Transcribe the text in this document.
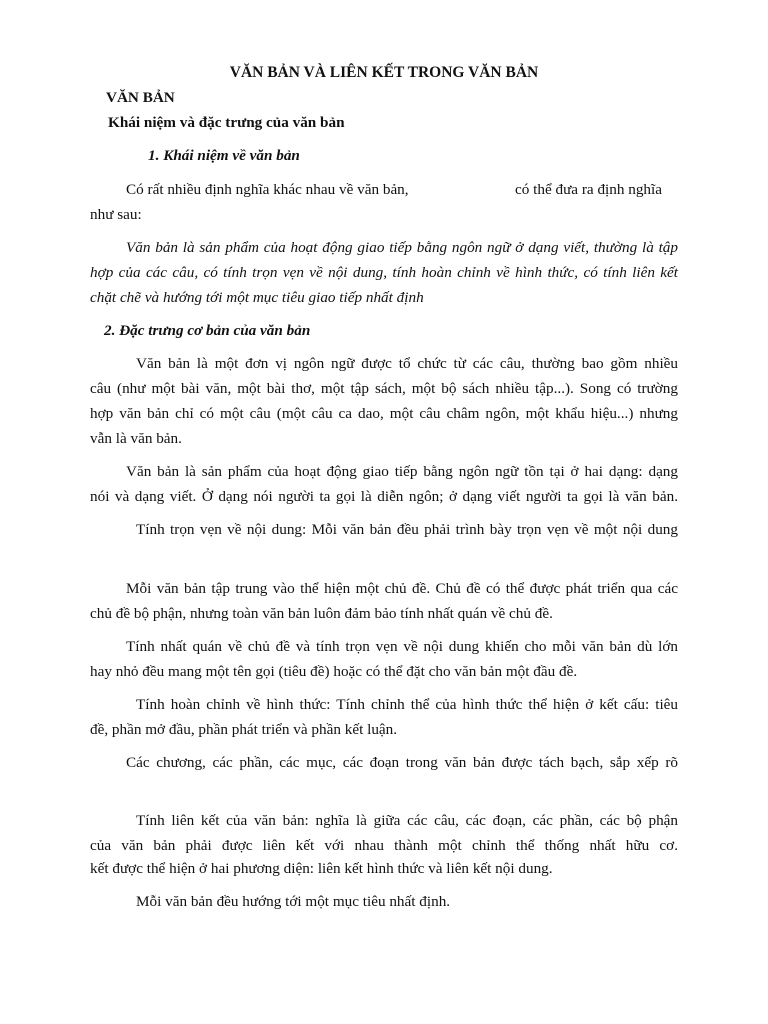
VĂN BẢN VÀ LIÊN KẾT TRONG VĂN BẢN
VĂN BẢN
Khái niệm và đặc trưng của văn bản
1. Khái niệm về văn bản
Có rất nhiều định nghĩa khác nhau về văn bản,	có thể đưa ra định nghĩa
như sau:
Văn bản là sản phẩm của hoạt động giao tiếp bằng ngôn ngữ ở dạng viết, thường là tập
hợp của các câu, có tính trọn vẹn về nội dung, tính hoàn chỉnh về hình thức, có tính liên kết
chặt chẽ và hướng tới một mục tiêu giao tiếp nhất định
2. Đặc trưng cơ bản của văn bản
Văn bản là một đơn vị ngôn ngữ được tổ chức từ các câu, thường bao gồm nhiều
câu (như một bài văn, một bài thơ, một tập sách, một bộ sách nhiều tập...). Song có trường
hợp văn bản chỉ có một câu (một câu ca dao, một câu châm ngôn, một khẩu hiệu...) nhưng
vẫn là văn bản.
Văn bản là sản phẩm của hoạt động giao tiếp bằng ngôn ngữ tồn tại ở hai dạng: dạng
nói và dạng viết. Ở dạng nói người ta gọi là diễn ngôn; ở dạng viết người ta gọi là văn bản.
Tính trọn vẹn về nội dung: Mỗi văn bản đều phải trình bày trọn vẹn về một nội dung
Mỗi văn bản tập trung vào thể hiện một chủ đề. Chủ đề có thể được phát triển qua các
chủ đề bộ phận, nhưng toàn văn bản luôn đảm bảo tính nhất quán về chủ đề.
Tính nhất quán về chủ đề và tính trọn vẹn về nội dung khiến cho mỗi văn bản dù lớn
hay nhỏ đều mang một tên gọi (tiêu đề) hoặc có thể đặt cho văn bản một đầu đề.
Tính hoàn chỉnh về hình thức: Tính chỉnh thể của hình thức thể hiện ở kết cấu: tiêu
đề, phần mở đầu, phần phát triển và phần kết luận.
Các chương, các phần, các mục, các đoạn trong văn bản được tách bạch, sắp xếp rõ
Tính liên kết của văn bản: nghĩa là giữa các câu, các đoạn, các phần, các bộ phận
của văn bản phải được liên kết với nhau thành một chỉnh thể thống nhất hữu cơ.
kết được thể hiện ở hai phương diện: liên kết hình thức và liên kết nội dung.
Mỗi văn bản đều hướng tới một mục tiêu nhất định.
